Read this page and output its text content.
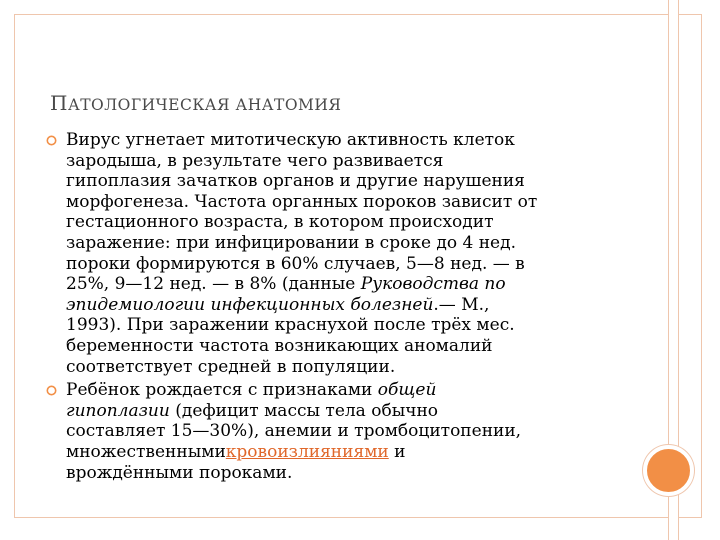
ПАТОЛОГИЧЕСКАЯ АНАТОМИЯ
Вирус угнетает митотическую активность клеток
зародыша, в результате чего развивается
гипоплазия зачатков органов и другие нарушения
морфогенеза. Частота органных пороков зависит от
гестационного возраста, в котором происходит
заражение: при инфицировании в сроке до 4 нед.
пороки формируются в 60% случаев, 5—8 нед. — в
25%, 9—12 нед. — в 8% (данные Руководства по
эпидемиологии инфекционных болезней.— М.,
1993). При заражении краснухой после трёх мес.
беременности частота возникающих аномалий
соответствует средней в популяции.
Ребёнок рождается с признаками общей
гипоплазии (дефицит массы тела обычно
составляет 15—30%), анемии и тромбоцитопении,
множественнымикровоизлияниями и
врождёнными пороками.
